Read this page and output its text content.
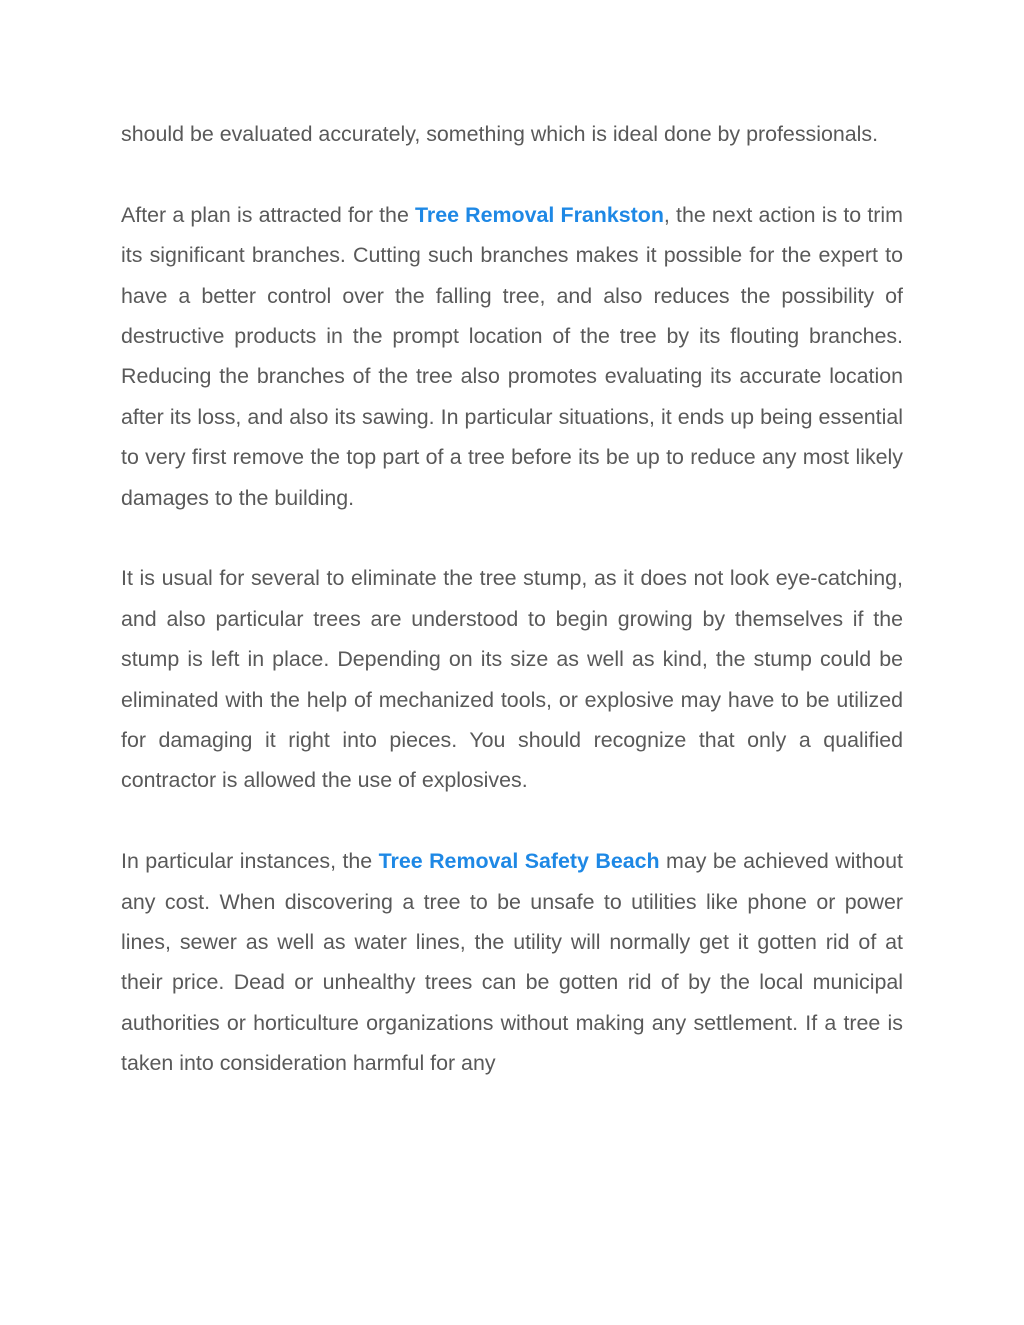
should be evaluated accurately, something which is ideal done by professionals.

After a plan is attracted for the Tree Removal Frankston, the next action is to trim its significant branches. Cutting such branches makes it possible for the expert to have a better control over the falling tree, and also reduces the possibility of destructive products in the prompt location of the tree by its flouting branches. Reducing the branches of the tree also promotes evaluating its accurate location after its loss, and also its sawing. In particular situations, it ends up being essential to very first remove the top part of a tree before its be up to reduce any most likely damages to the building.

It is usual for several to eliminate the tree stump, as it does not look eye-catching, and also particular trees are understood to begin growing by themselves if the stump is left in place. Depending on its size as well as kind, the stump could be eliminated with the help of mechanized tools, or explosive may have to be utilized for damaging it right into pieces. You should recognize that only a qualified contractor is allowed the use of explosives.

In particular instances, the Tree Removal Safety Beach may be achieved without any cost. When discovering a tree to be unsafe to utilities like phone or power lines, sewer as well as water lines, the utility will normally get it gotten rid of at their price. Dead or unhealthy trees can be gotten rid of by the local municipal authorities or horticulture organizations without making any settlement. If a tree is taken into consideration harmful for any
